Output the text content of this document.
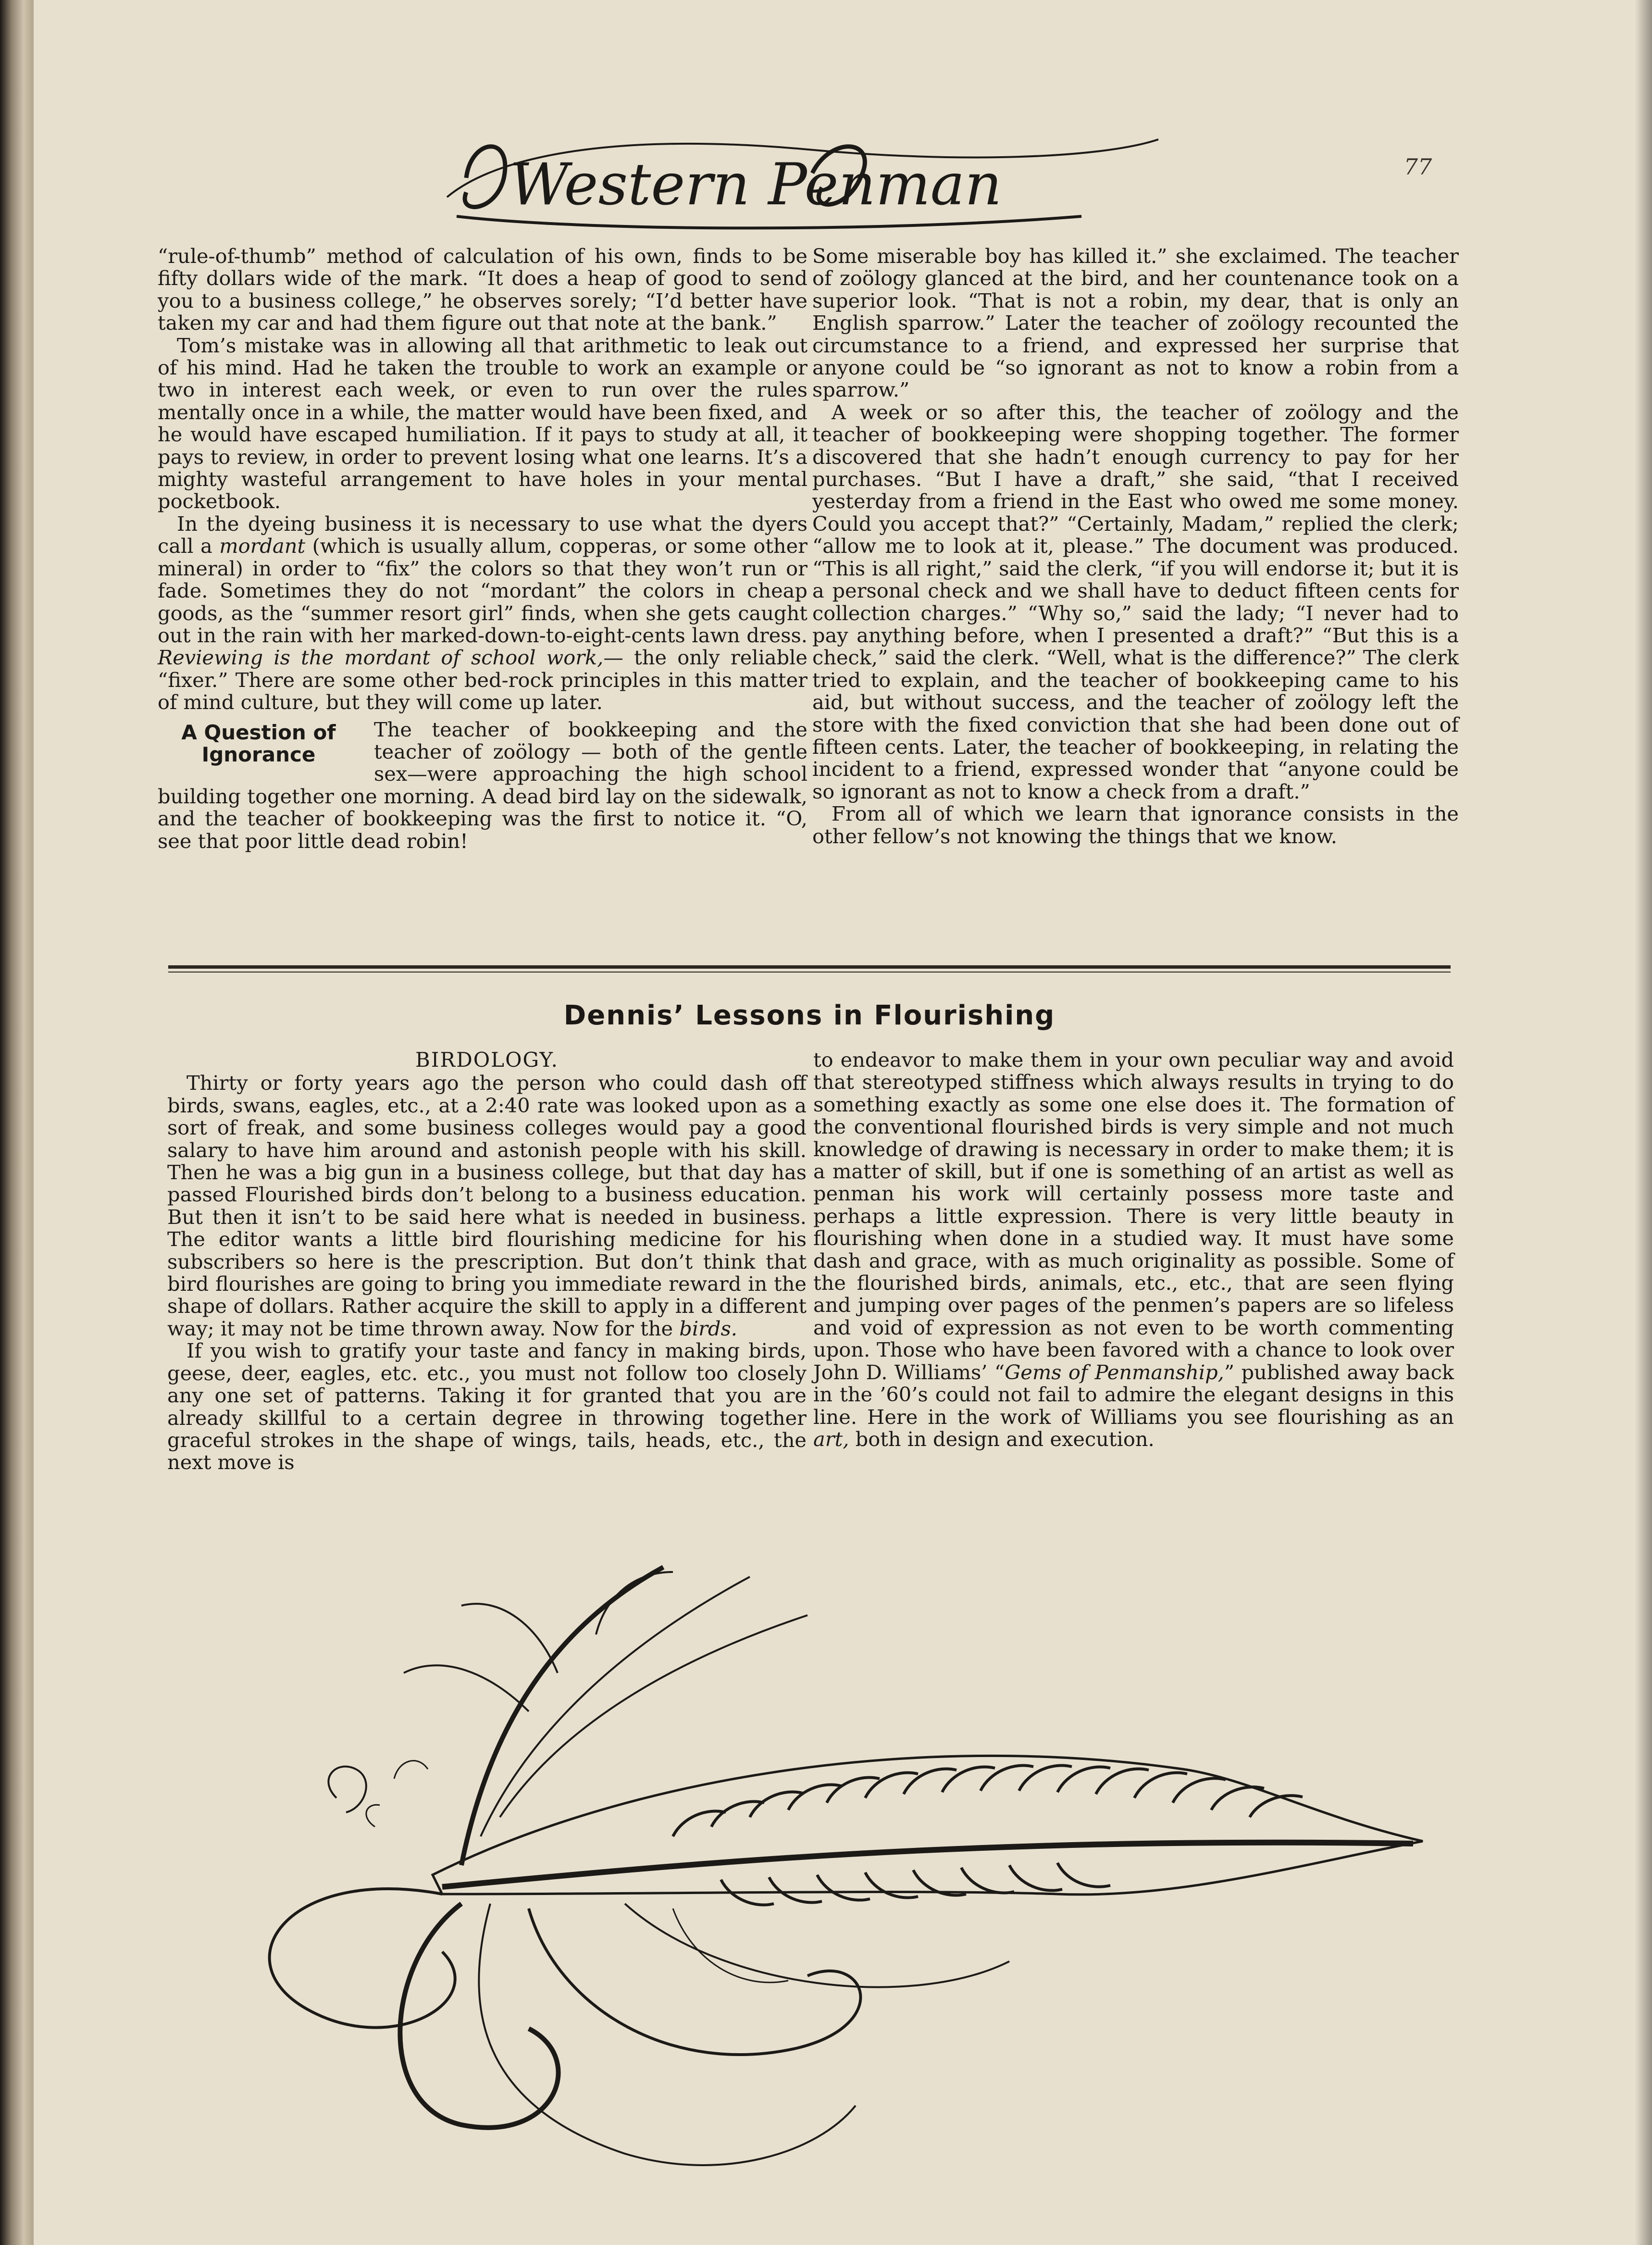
Western Penman	77

“rule-of-thumb” method of calculation of his own, finds to be fifty dollars wide of the mark. “It does a heap of good to send you to a business college,” he observes sorely; “I’d better have taken my car and had them figure out that note at the bank.”

Tom’s mistake was in allowing all that arithmetic to leak out of his mind. Had he taken the trouble to work an example or two in interest each week, or even to run over the rules mentally once in a while, the matter would have been fixed, and he would have escaped humiliation. If it pays to study at all, it pays to review, in order to prevent losing what one learns. It’s a mighty wasteful arrangement to have holes in your mental pocketbook.

In the dyeing business it is necessary to use what the dyers call a mordant (which is usually allum, copperas, or some other mineral) in order to “fix” the colors so that they won’t run or fade. Sometimes they do not “mordant” the colors in cheap goods, as the “summer resort girl” finds, when she gets caught out in the rain with her marked-down-to-eight-cents lawn dress. Reviewing is the mordant of school work,— the only reliable “fixer.” There are some other bed-rock principles in this matter of mind culture, but they will come up later.

A Question of
Ignorance
The teacher of bookkeeping and the teacher of zoölogy — both of the gentle sex—were approaching the high school building together one morning. A dead bird lay on the sidewalk, and the teacher of bookkeeping was the first to notice it. “O, see that poor little dead robin!

Some miserable boy has killed it.” she exclaimed. The teacher of zoölogy glanced at the bird, and her countenance took on a superior look. “That is not a robin, my dear, that is only an English sparrow.” Later the teacher of zoölogy recounted the circumstance to a friend, and expressed her surprise that anyone could be “so ignorant as not to know a robin from a sparrow.”

A week or so after this, the teacher of zoölogy and the teacher of bookkeeping were shopping together. The former discovered that she hadn’t enough currency to pay for her purchases. “But I have a draft,” she said, “that I received yesterday from a friend in the East who owed me some money. Could you accept that?” “Certainly, Madam,” replied the clerk; “allow me to look at it, please.” The document was produced. “This is all right,” said the clerk, “if you will endorse it; but it is a personal check and we shall have to deduct fifteen cents for collection charges.” “Why so,” said the lady; “I never had to pay anything before, when I presented a draft?” “But this is a check,” said the clerk. “Well, what is the difference?” The clerk tried to explain, and the teacher of bookkeeping came to his aid, but without success, and the teacher of zoölogy left the store with the fixed conviction that she had been done out of fifteen cents. Later, the teacher of bookkeeping, in relating the incident to a friend, expressed wonder that “anyone could be so ignorant as not to know a check from a draft.”

From all of which we learn that ignorance consists in the other fellow’s not knowing the things that we know.

Dennis’ Lessons in Flourishing
BIRDOLOGY.

Thirty or forty years ago the person who could dash off birds, swans, eagles, etc., at a 2:40 rate was looked upon as a sort of freak, and some business colleges would pay a good salary to have him around and astonish people with his skill. Then he was a big gun in a business college, but that day has passed Flourished birds don’t belong to a business education. But then it isn’t to be said here what is needed in business. The editor wants a little bird flourishing medicine for his subscribers so here is the prescription. But don’t think that bird flourishes are going to bring you immediate reward in the shape of dollars. Rather acquire the skill to apply in a different way; it may not be time thrown away. Now for the birds.

If you wish to gratify your taste and fancy in making birds, geese, deer, eagles, etc. etc., you must not follow too closely any one set of patterns. Taking it for granted that you are already skillful to a certain degree in throwing together graceful strokes in the shape of wings, tails, heads, etc., the next move is

to endeavor to make them in your own peculiar way and avoid that stereotyped stiffness which always results in trying to do something exactly as some one else does it. The formation of the conventional flourished birds is very simple and not much knowledge of drawing is necessary in order to make them; it is a matter of skill, but if one is something of an artist as well as penman his work will certainly possess more taste and perhaps a little expression. There is very little beauty in flourishing when done in a studied way. It must have some dash and grace, with as much originality as possible. Some of the flourished birds, animals, etc., etc., that are seen flying and jumping over pages of the penmen’s papers are so lifeless and void of expression as not even to be worth commenting upon. Those who have been favored with a chance to look over John D. Williams’ “Gems of Penmanship,” published away back in the ’60’s could not fail to admire the elegant designs in this line. Here in the work of Williams you see flourishing as an art, both in design and execution.
